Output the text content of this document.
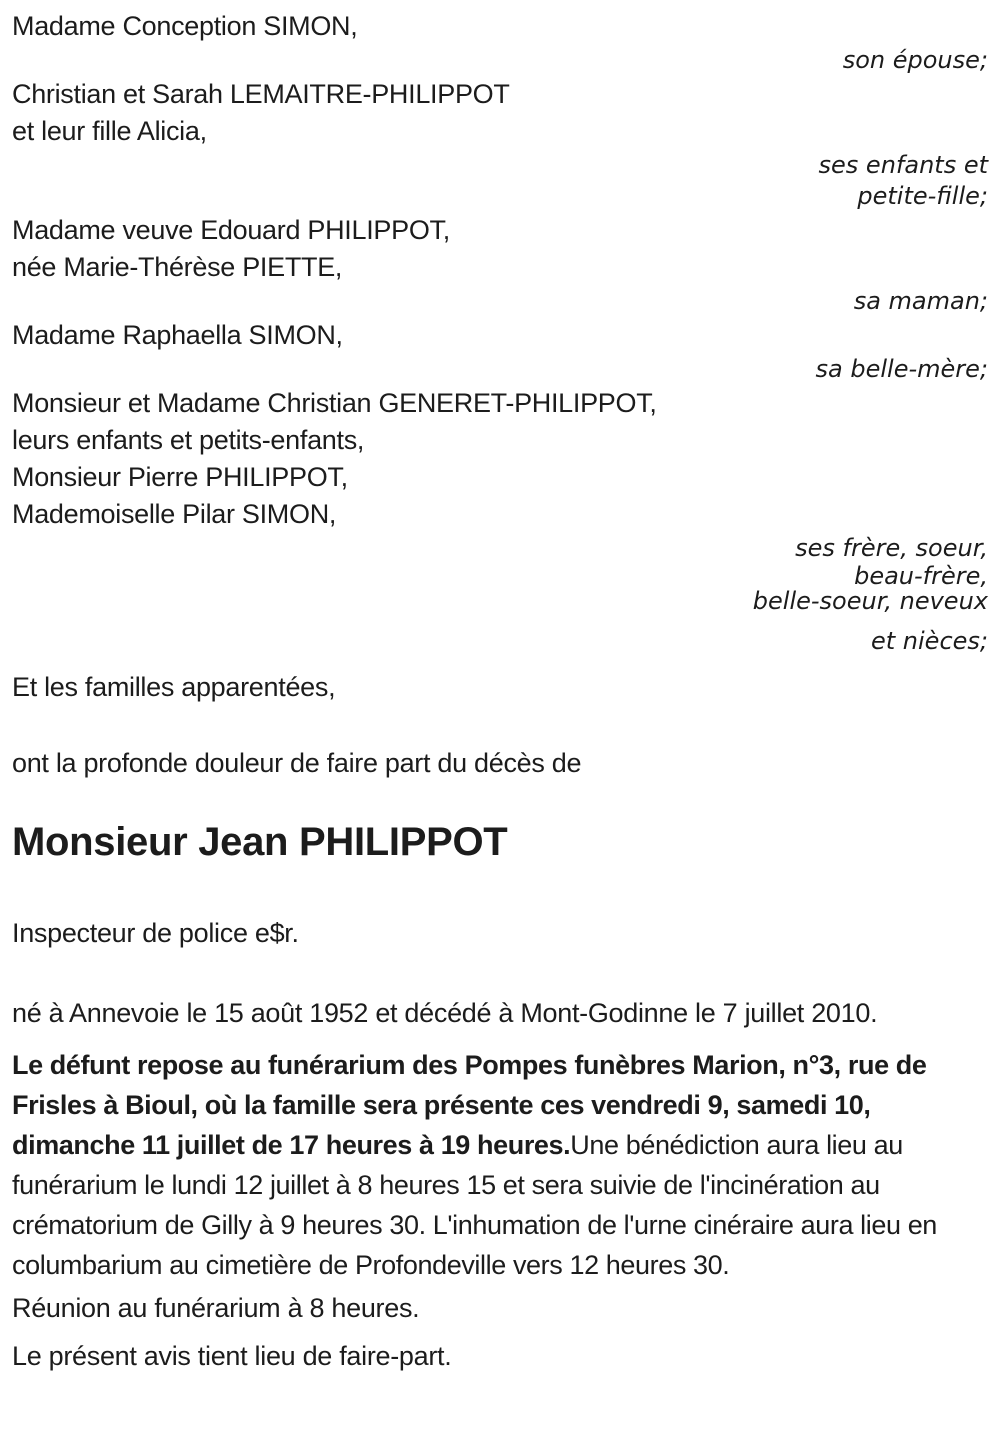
Madame Conception SIMON,
son épouse;
Christian et Sarah LEMAITRE-PHILIPPOT
et leur fille Alicia,
ses enfants et
petite-fille;
Madame veuve Edouard PHILIPPOT,
née Marie-Thérèse PIETTE,
sa maman;
Madame Raphaella SIMON,
sa belle-mère;
Monsieur et Madame Christian GENERET-PHILIPPOT,
leurs enfants et petits-enfants,
Monsieur Pierre PHILIPPOT,
Mademoiselle Pilar SIMON,
ses frère, soeur,
beau-frère,
belle-soeur, neveux
et nièces;
Et les familles apparentées,
ont la profonde douleur de faire part du décès de
Monsieur Jean PHILIPPOT
Inspecteur de police e$r.
né à Annevoie le 15 août 1952 et décédé à Mont-Godinne le 7 juillet 2010.
Le défunt repose au funérarium des Pompes funèbres Marion, n°3, rue de Frisles à Bioul, où la famille sera présente ces vendredi 9, samedi 10, dimanche 11 juillet de 17 heures à 19 heures.Une bénédiction aura lieu au funérarium le lundi 12 juillet à 8 heures 15 et sera suivie de l'incinération au crématorium de Gilly à 9 heures 30. L'inhumation de l'urne cinéraire aura lieu en columbarium au cimetière de Profondeville vers 12 heures 30.
Réunion au funérarium à 8 heures.
Le présent avis tient lieu de faire-part.
